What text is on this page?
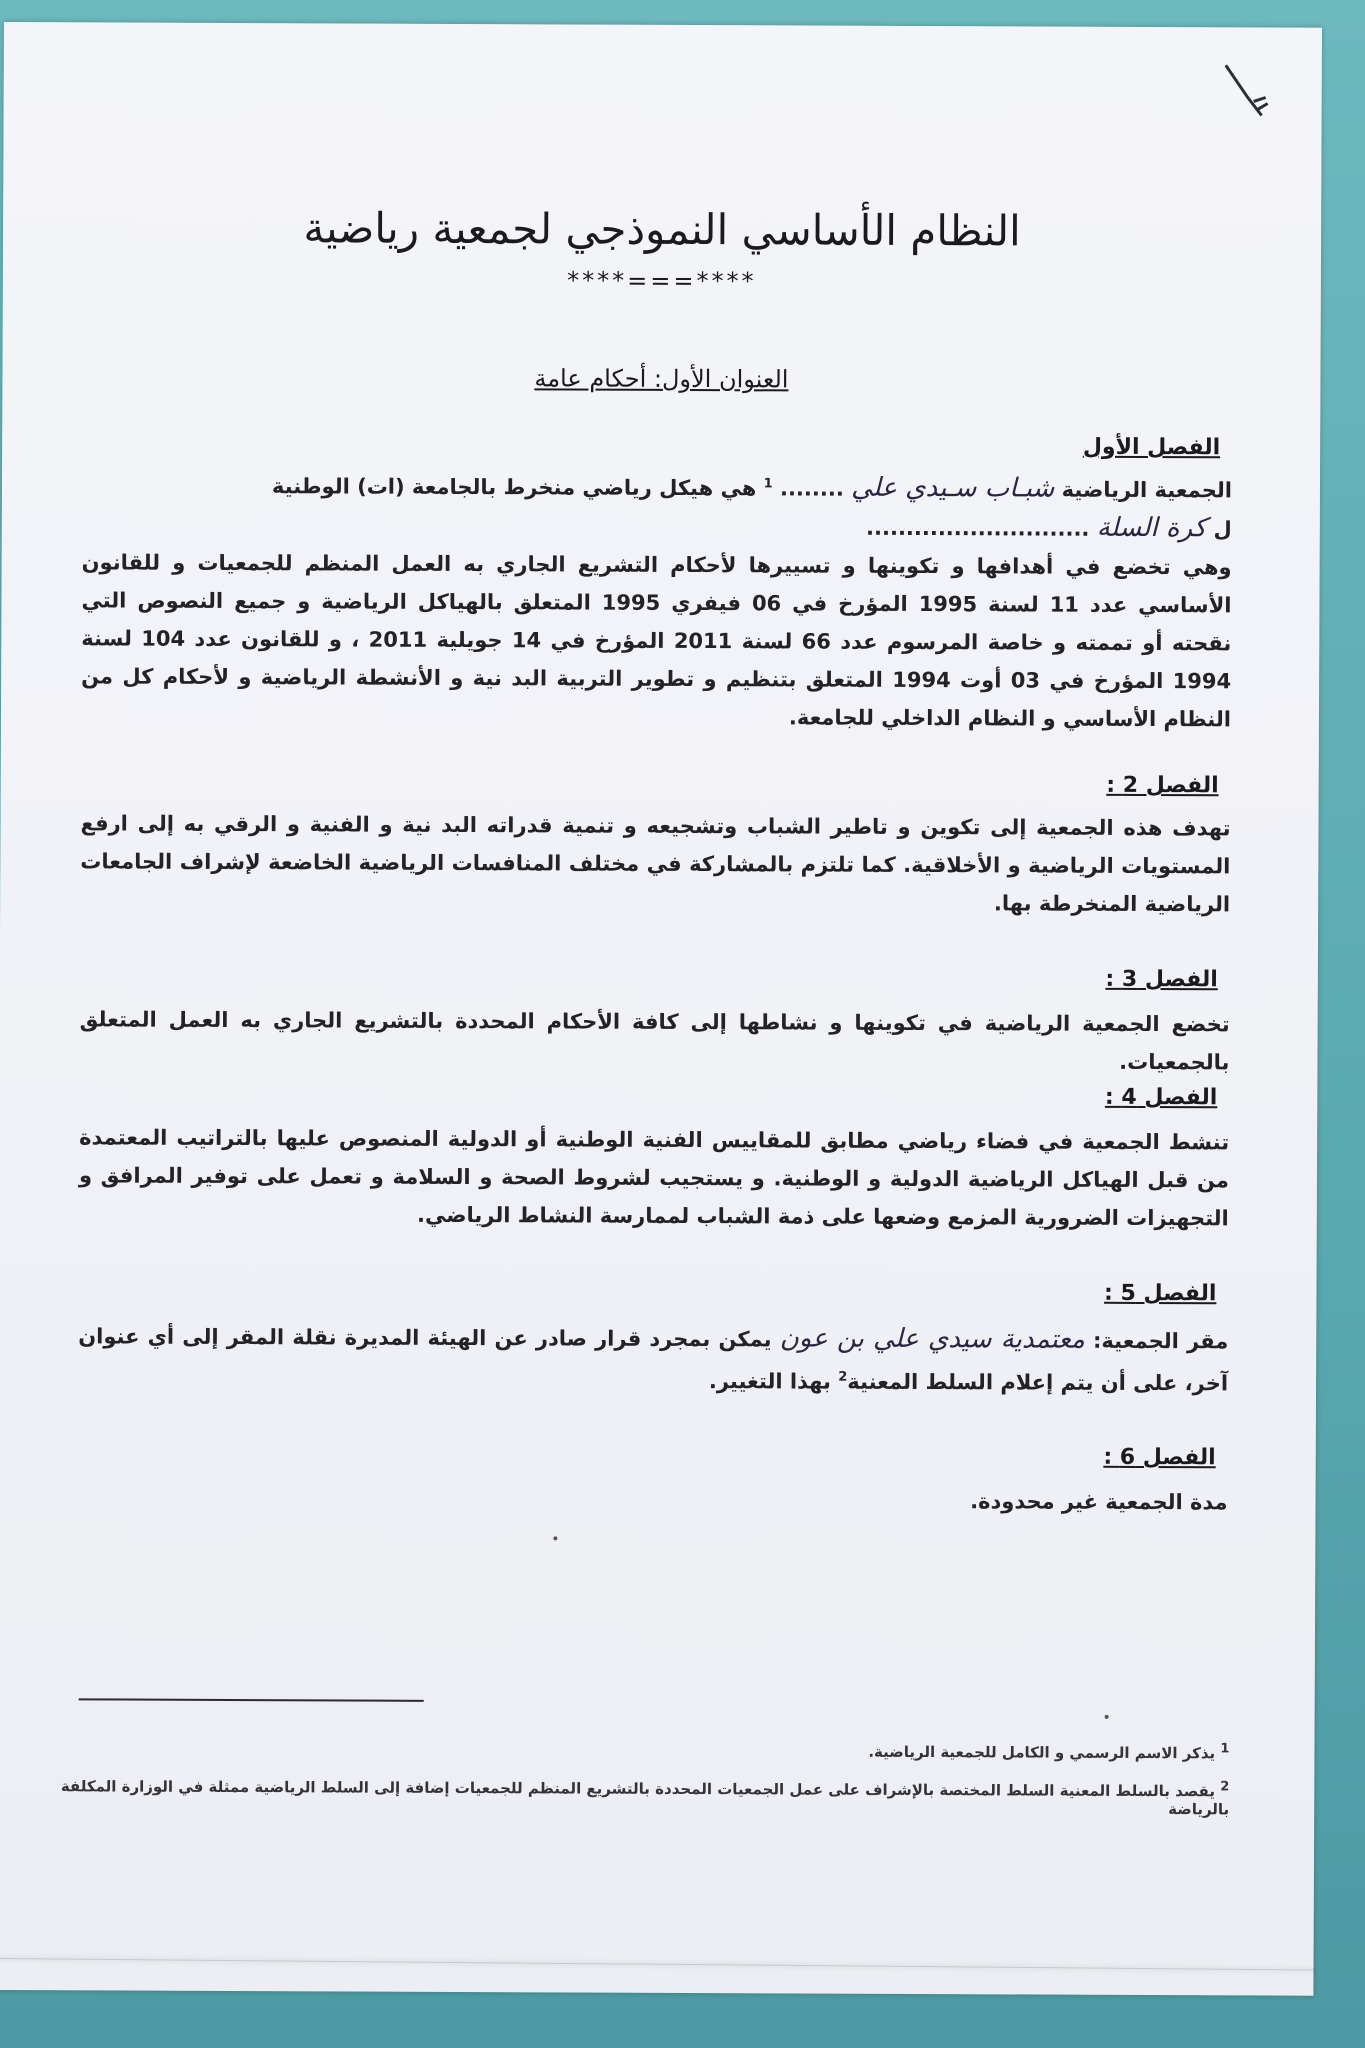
النظام الأساسي النموذجي لجمعية رياضية
****===****
العنوان الأول: أحكام عامة
الفصل الأول
الجمعية الرياضية شبـاب سـيدي علي ........ $^1$ هي هيكل رياضي منخرط بالجامعة (ات) الوطنية
ل كرة السلة ............................
وهي تخضع في أهدافها و تكوينها و تسييرها لأحكام التشريع الجاري به العمل المنظم للجمعيات و للقانون الأساسي عدد 11 لسنة 1995 المؤرخ في 06 فيفري 1995 المتعلق بالهياكل الرياضية و جميع النصوص التي نقحته أو تممته و خاصة المرسوم عدد 66 لسنة 2011 المؤرخ في 14 جويلية 2011 ، و للقانون عدد 104 لسنة 1994 المؤرخ في 03 أوت 1994 المتعلق بتنظيم و تطوير التربية البد نية و الأنشطة الرياضية و لأحكام كل من النظام الأساسي و النظام الداخلي للجامعة.
الفصل 2 :
تهدف هذه الجمعية إلى تكوين و تاطير الشباب وتشجيعه و تنمية قدراته البد نية و الفنية و الرقي به إلى ارفع المستويات الرياضية و الأخلاقية. كما تلتزم بالمشاركة في مختلف المنافسات الرياضية الخاضعة لإشراف الجامعات الرياضية المنخرطة بها.
الفصل 3 :
تخضع الجمعية الرياضية في تكوينها و نشاطها إلى كافة الأحكام المحددة بالتشريع الجاري به العمل المتعلق بالجمعيات.
الفصل 4 :
تنشط الجمعية في فضاء رياضي مطابق للمقاييس الفنية الوطنية أو الدولية المنصوص عليها بالتراتيب المعتمدة من قبل الهياكل الرياضية الدولية و الوطنية. و يستجيب لشروط الصحة و السلامة و تعمل على توفير المرافق و التجهيزات الضرورية المزمع وضعها على ذمة الشباب لممارسة النشاط الرياضي.
الفصل 5 :
مقر الجمعية: معتمدية سيدي علي بن عون يمكن بمجرد قرار صادر عن الهيئة المديرة نقلة المقر إلى أي عنوان آخر، على أن يتم إعلام السلط المعنية$^2$ بهذا التغيير.
الفصل 6 :
مدة الجمعية غير محدودة.
$^1$ يذكر الاسم الرسمي و الكامل للجمعية الرياضية.
$^2$ يقصد بالسلط المعنية السلط المختصة بالإشراف على عمل الجمعيات المحددة بالتشريع المنظم للجمعيات إضافة إلى السلط الرياضية ممثلة في الوزارة المكلفة بالرياضة
